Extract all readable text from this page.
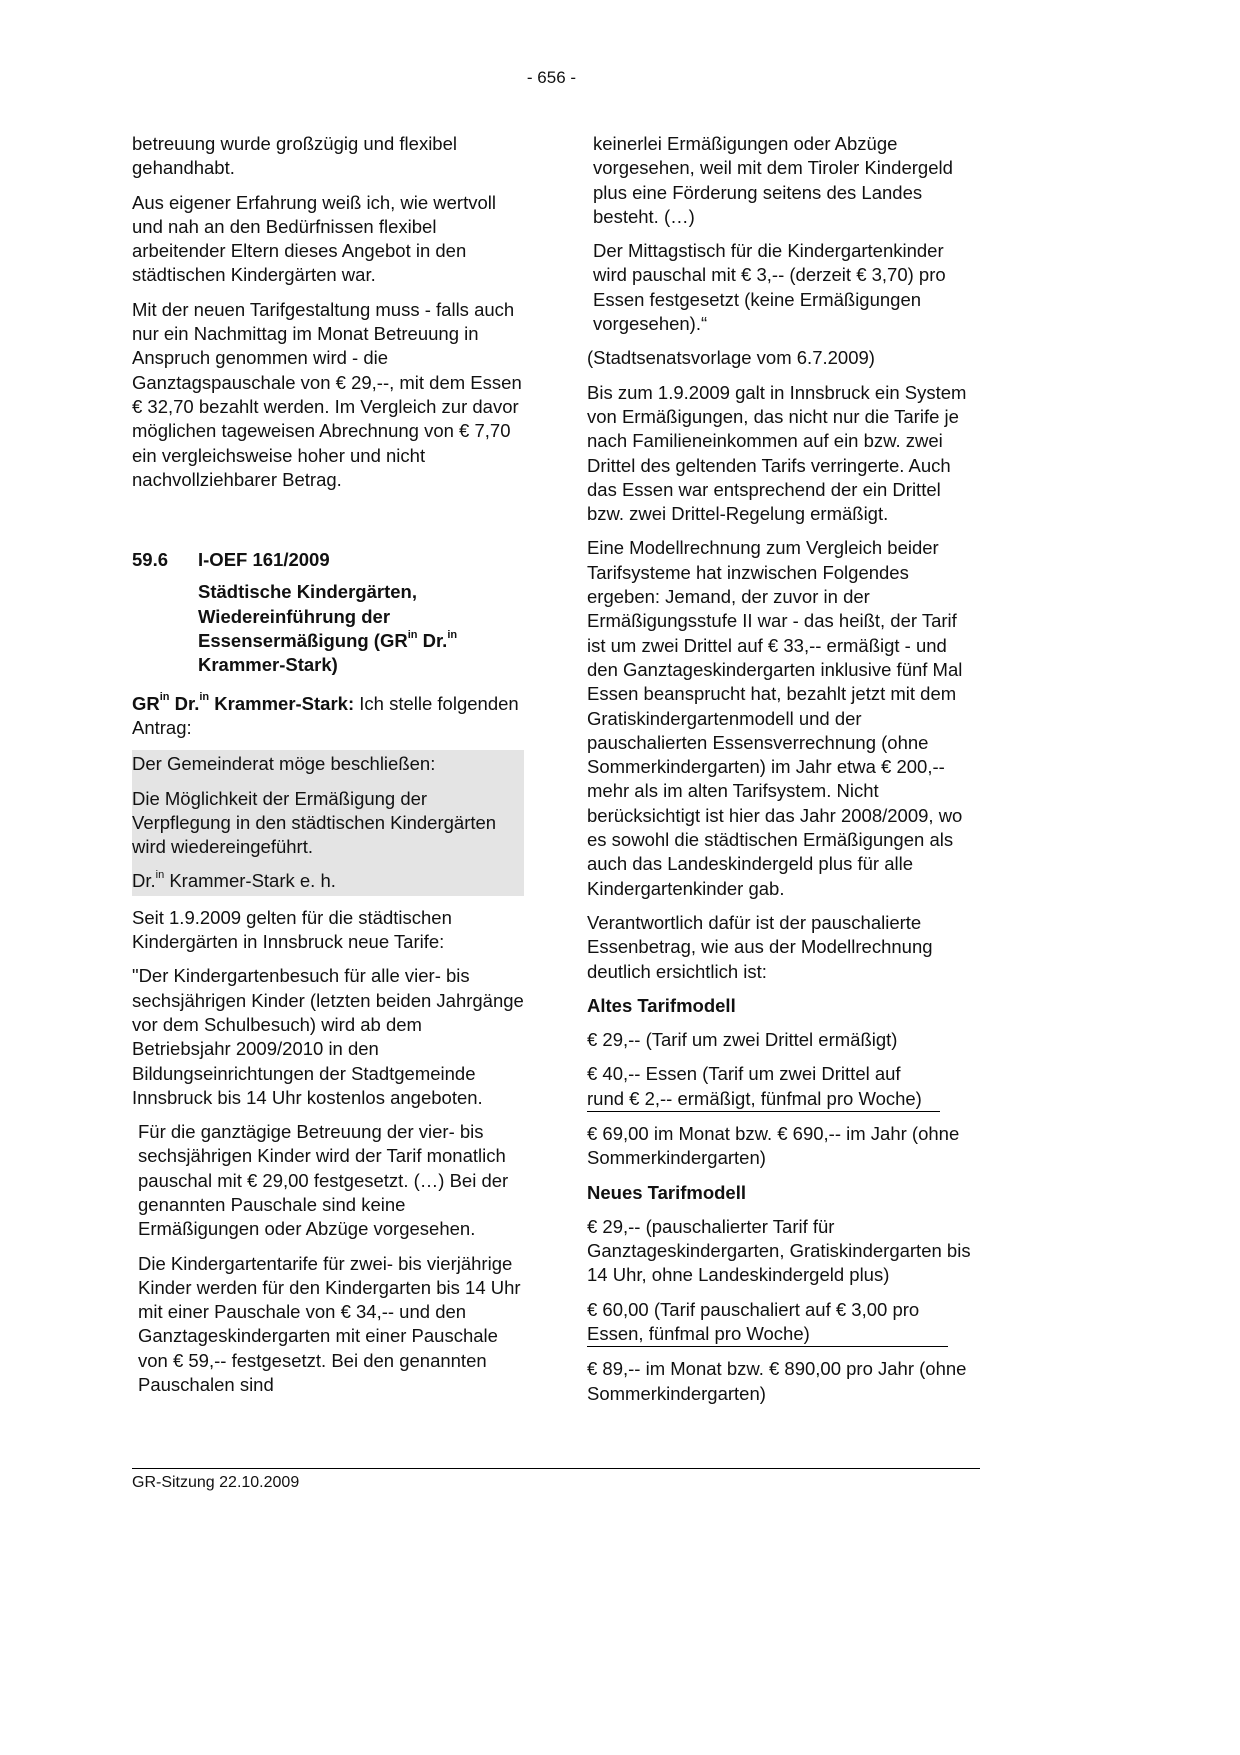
- 656 -

betreuung wurde großzügig und flexibel gehandhabt.

Aus eigener Erfahrung weiß ich, wie wertvoll und nah an den Bedürfnissen flexibel arbeitender Eltern dieses Angebot in den städtischen Kindergärten war.

Mit der neuen Tarifgestaltung muss - falls auch nur ein Nachmittag im Monat Betreuung in Anspruch genommen wird - die Ganztagspauschale von € 29,--, mit dem Essen € 32,70 bezahlt werden. Im Vergleich zur davor möglichen tageweisen Abrechnung von € 7,70 ein vergleichsweise hoher und nicht nachvollziehbarer Betrag.

59.6	I-OEF 161/2009

Städtische Kindergärten, Wiedereinführung der Essensermäßigung ($GR^{in}$ Dr.$^{in}$ Krammer-Stark)

$GR^{in}$ Dr.$^{in}$ Krammer-Stark: Ich stelle folgenden Antrag:

Der Gemeinderat möge beschließen:

Die Möglichkeit der Ermäßigung der Verpflegung in den städtischen Kindergärten wird wiedereingeführt.

Dr.$^{in}$ Krammer-Stark e. h.

Seit 1.9.2009 gelten für die städtischen Kindergärten in Innsbruck neue Tarife:

"Der Kindergartenbesuch für alle vier- bis sechsjährigen Kinder (letzten beiden Jahrgänge vor dem Schulbesuch) wird ab dem Betriebsjahr 2009/2010 in den Bildungseinrichtungen der Stadtgemeinde Innsbruck bis 14 Uhr kostenlos angeboten.

Für die ganztägige Betreuung der vier- bis sechsjährigen Kinder wird der Tarif monatlich pauschal mit € 29,00 festgesetzt. (…) Bei der genannten Pauschale sind keine Ermäßigungen oder Abzüge vorgesehen.

Die Kindergartentarife für zwei- bis vierjährige Kinder werden für den Kindergarten bis 14 Uhr mit einer Pauschale von € 34,-- und den Ganztageskindergarten mit einer Pauschale von € 59,-- festgesetzt. Bei den genannten Pauschalen sind

keinerlei Ermäßigungen oder Abzüge vorgesehen, weil mit dem Tiroler Kindergeld plus eine Förderung seitens des Landes besteht. (…)

Der Mittagstisch für die Kindergartenkinder wird pauschal mit € 3,-- (derzeit € 3,70) pro Essen festgesetzt (keine Ermäßigungen vorgesehen).“

(Stadtsenatsvorlage vom 6.7.2009)

Bis zum 1.9.2009 galt in Innsbruck ein System von Ermäßigungen, das nicht nur die Tarife je nach Familieneinkommen auf ein bzw. zwei Drittel des geltenden Tarifs verringerte. Auch das Essen war entsprechend der ein Drittel bzw. zwei Drittel-Regelung ermäßigt.

Eine Modellrechnung zum Vergleich beider Tarifsysteme hat inzwischen Folgendes ergeben: Jemand, der zuvor in der Ermäßigungsstufe II war - das heißt, der Tarif ist um zwei Drittel auf € 33,-- ermäßigt - und den Ganztageskindergarten inklusive fünf Mal Essen beansprucht hat, bezahlt jetzt mit dem Gratiskindergartenmodell und der pauschalierten Essensverrechnung (ohne Sommerkindergarten) im Jahr etwa € 200,-- mehr als im alten Tarifsystem. Nicht berücksichtigt ist hier das Jahr 2008/2009, wo es sowohl die städtischen Ermäßigungen als auch das Landeskindergeld plus für alle Kindergartenkinder gab.

Verantwortlich dafür ist der pauschalierte Essenbetrag, wie aus der Modellrechnung deutlich ersichtlich ist:

Altes Tarifmodell

€ 29,-- (Tarif um zwei Drittel ermäßigt)

€ 40,-- Essen (Tarif um zwei Drittel auf
rund € 2,-- ermäßigt, fünfmal pro Woche)

€ 69,00 im Monat bzw. € 690,-- im Jahr (ohne Sommerkindergarten)

Neues Tarifmodell

€ 29,-- (pauschalierter Tarif für Ganztageskindergarten, Gratiskindergarten bis 14 Uhr, ohne Landeskindergeld plus)

€ 60,00 (Tarif pauschaliert auf € 3,00 pro
Essen, fünfmal pro Woche)

€ 89,-- im Monat bzw. € 890,00 pro Jahr (ohne Sommerkindergarten)

GR-Sitzung 22.10.2009
